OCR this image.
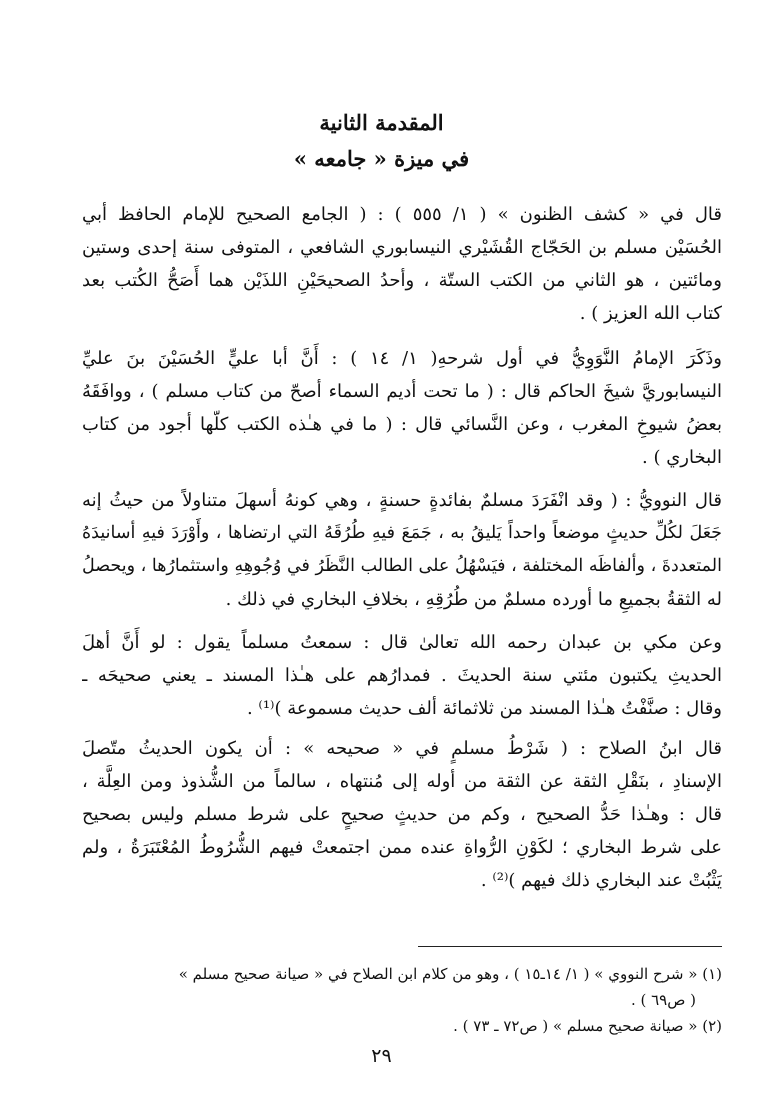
المقدمة الثانية
في ميزة « جامعه »
قال في « كشف الظنون » ( ١/ ٥٥٥ ) : ( الجامع الصحيح للإمام الحافظ أبي
الحُسَيْن مسلم بن الحَجّاج القُشَيْري النيسابوري الشافعي ، المتوفى سنة إحدى وستين
ومائتين ، هو الثاني من الكتب الستّة ، وأحدُ الصحيحَيْنِ اللذَيْن هما أَصَحُّ الكُتب بعد
كتاب الله العزيز ) .
وذَكَرَ الإمامُ النَّوَوِيُّ في أول شرحهِ( ١/ ١٤ ) : أَنَّ أبا عليٍّ الحُسَيْنَ بنَ عليِّ
النيسابوريَّ شيخَ الحاكم قال : ( ما تحت أديم السماء أصحّ من كتاب مسلم ) ، ووافَقَهُ
بعضُ شيوخِ المغرب ، وعن النَّسائي قال : ( ما في هـٰذه الكتب كلّها أجود من كتاب
البخاري ) .
قال النوويُّ : ( وقد انْفَرَدَ مسلمٌ بفائدةٍ حسنةٍ ، وهي كونهُ أسهلَ متناولاً من حيثُ إنه
جَعَلَ لكُلِّ حديثٍ موضعاً واحداً يَليقُ به ، جَمَعَ فيهِ طُرُقَهُ التي ارتضاها ، وأَوْرَدَ فيهِ أسانيدَهُ
المتعددةَ ، وألفاظَه المختلفة ، فيَسْهُلُ على الطالب النَّظَرُ في وُجُوهِهِ واستثمارُها ، ويحصلُ
له الثقةُ بجميعِ ما أورده مسلمٌ من طُرُقِهِ ، بخلافِ البخاري في ذلك .
وعن مكي بن عبدان رحمه الله تعالىٰ قال : سمعتُ مسلماً يقول : لو أَنَّ أهلَ
الحديثِ يكتبون مئتي سنة الحديثَ . فمدارُهم على هـٰذا المسند ـ يعني صحيحَه ـ
وقال : صنَّفْتُ هـٰذا المسند من ثلاثمائة ألف حديث مسموعة )⁽¹⁾ .
قال ابنُ الصلاح : ( شَرْطُ مسلمٍ في « صحيحه » : أن يكون الحديثُ متّصلَ
الإسنادِ ، بنَقْلِ الثقة عن الثقة من أوله إلى مُنتهاه ، سالماً من الشُّذوذ ومن العِلَّة ،
قال : وهـٰذا حَدُّ الصحيح ، وكم من حديثٍ صحيحٍ على شرط مسلم وليس بصحيح
على شرط البخاري ؛ لكَوْنِ الرُّواةِ عنده ممن اجتمعتْ فيهم الشُّرُوطُ المُعْتَبَرَةُ ، ولم
يَثْبُتْ عند البخاري ذلك فيهم )⁽²⁾ .
(١) « شرح النووي » ( ١/ ١٤ـ١٥ ) ، وهو من كلام ابن الصلاح في « صيانة صحيح مسلم »
( ص٦٩ ) .
(٢) « صيانة صحيح مسلم » ( ص٧٢ ـ ٧٣ ) .
٢٩
